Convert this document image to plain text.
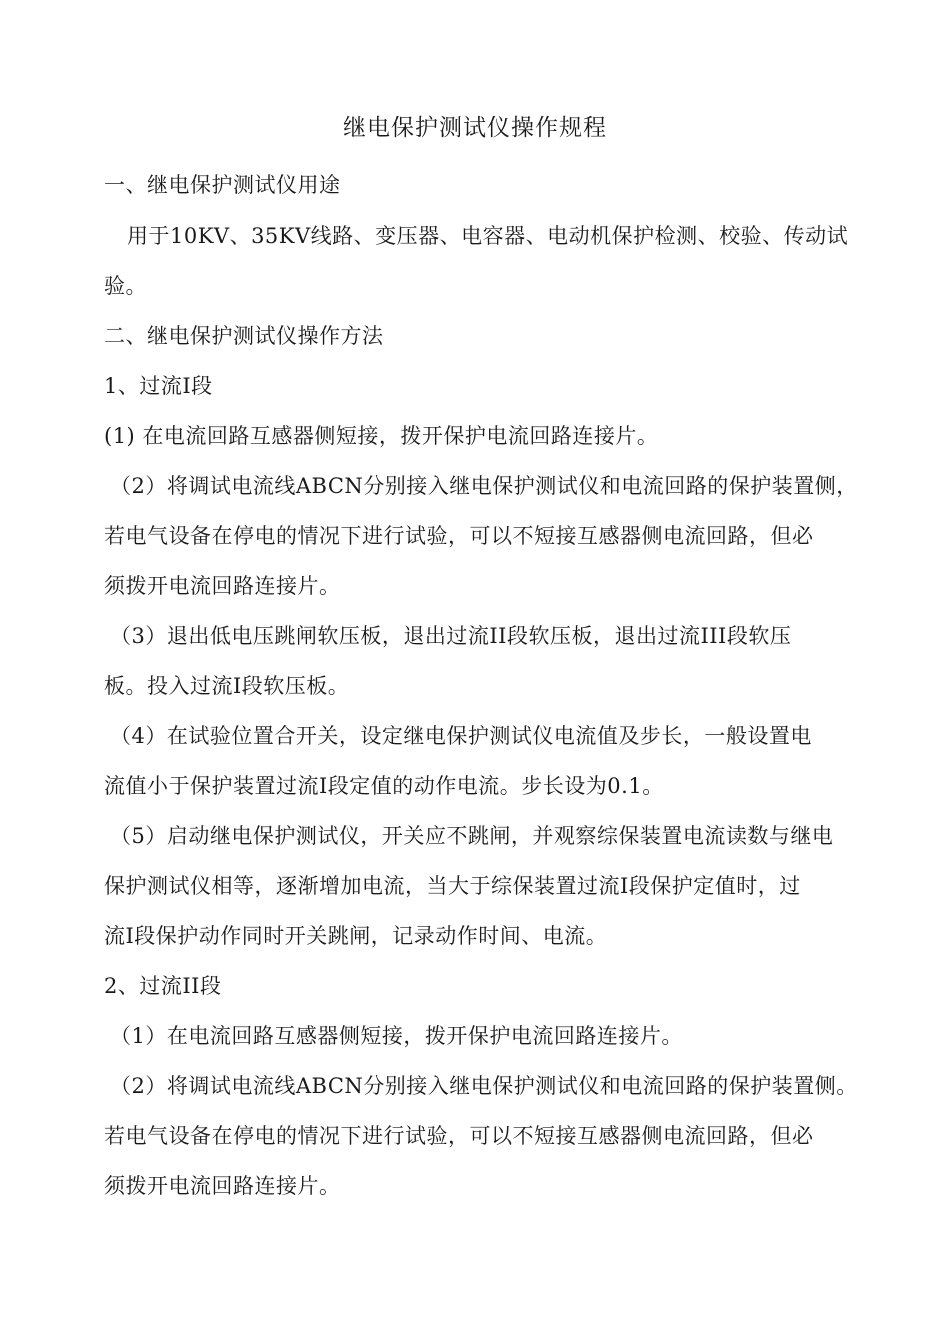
继电保护测试仪操作规程
一、继电保护测试仪用途
用于10KV、35KV线路、变压器、电容器、电动机保护检测、校验、传动试
验。
二、继电保护测试仪操作方法
1、过流Ⅰ段
(1) 在电流回路互感器侧短接，拨开保护电流回路连接片。
（2）将调试电流线ABCN分别接入继电保护测试仪和电流回路的保护装置侧，
若电气设备在停电的情况下进行试验，可以不短接互感器侧电流回路，但必
须拨开电流回路连接片。
（3）退出低电压跳闸软压板，退出过流II段软压板，退出过流III段软压
板。投入过流I段软压板。
（4）在试验位置合开关，设定继电保护测试仪电流值及步长，一般设置电
流值小于保护装置过流Ⅰ段定值的动作电流。步长设为0.1。
（5）启动继电保护测试仪，开关应不跳闸，并观察综保装置电流读数与继电
保护测试仪相等，逐渐增加电流，当大于综保装置过流Ⅰ段保护定值时，过
流Ⅰ段保护动作同时开关跳闸，记录动作时间、电流。
2、过流II段
（1）在电流回路互感器侧短接，拨开保护电流回路连接片。
（2）将调试电流线ABCN分别接入继电保护测试仪和电流回路的保护装置侧。
若电气设备在停电的情况下进行试验，可以不短接互感器侧电流回路，但必
须拨开电流回路连接片。
